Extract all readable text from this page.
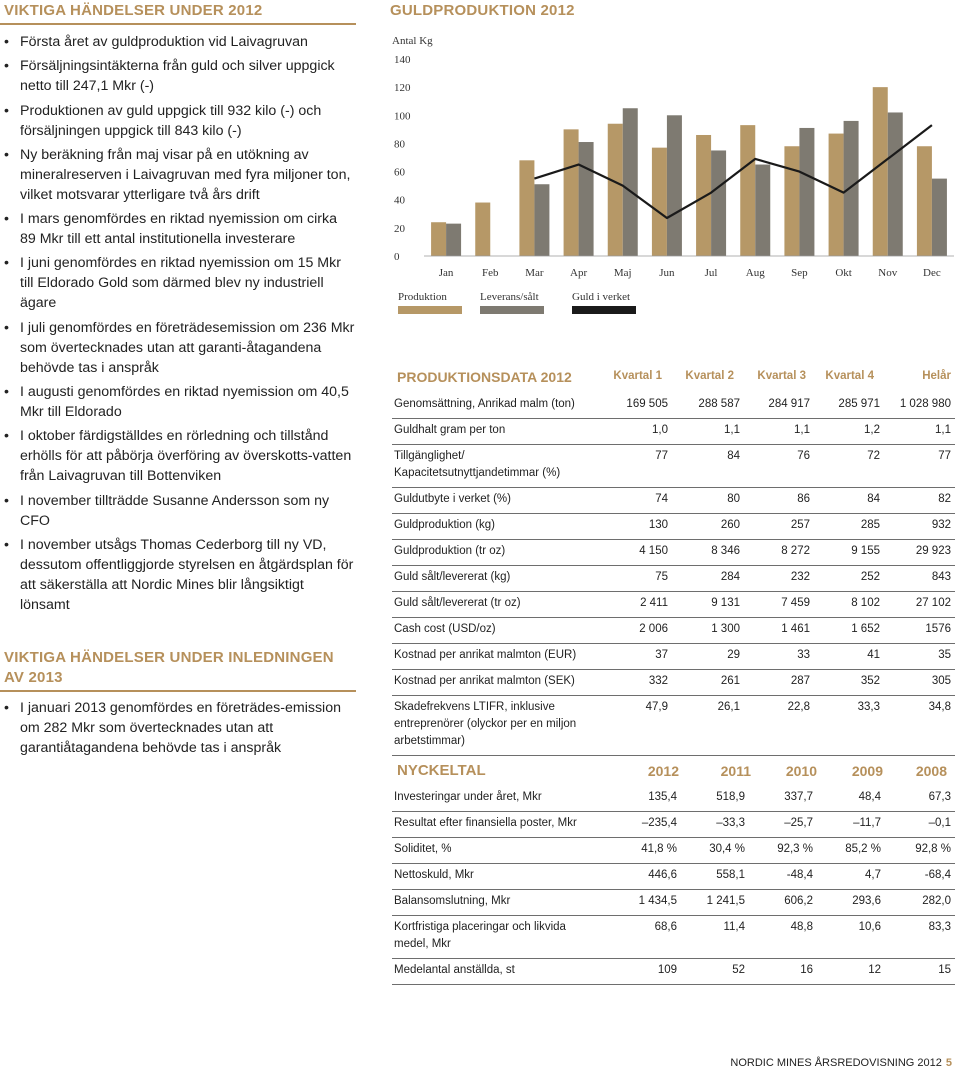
VIKTIGA HÄNDELSER UNDER 2012
• Första året av guldproduktion vid Laivagruvan
• Försäljningsintäkterna från guld och silver uppgick netto till 247,1 Mkr (-)
• Produktionen av guld uppgick till 932 kilo (-) och försäljningen uppgick till 843 kilo (-)
• Ny beräkning från maj visar på en utökning av mineralreserven i Laivagruvan med fyra miljoner ton, vilket motsvarar ytterligare två års drift
• I mars genomfördes en riktad nyemission om cirka 89 Mkr till ett antal institutionella investerare
• I juni genomfördes en riktad nyemission om 15 Mkr till Eldorado Gold som därmed blev ny industriell ägare
• I juli genomfördes en företrädesemission om 236 Mkr som övertecknades utan att garanti-åtagandena behövde tas i anspråk
• I augusti genomfördes en riktad nyemission om 40,5 Mkr till Eldorado
• I oktober färdigställdes en rörledning och tillstånd erhölls för att påbörja överföring av överskotts-vatten från Laivagruvan till Bottenviken
• I november tillträdde Susanne Andersson som ny CFO
• I november utsågs Thomas Cederborg till ny VD, dessutom offentliggjorde styrelsen en åtgärdsplan för att säkerställa att Nordic Mines blir långsiktigt lönsamt
VIKTIGA HÄNDELSER UNDER INLEDNINGEN AV 2013
• I januari 2013 genomfördes en företrädes-emission om 282 Mkr som övertecknades utan att garantiåtagandena behövde tas i anspråk
GULDPRODUKTION 2012
Antal Kg
0
20
40
60
80
100
120
140
Jan	Feb Mar Apr Maj	Jun	Jul	Aug Sep	Okt Nov Dec
Produktion	Leverans/sålt	Guld i verket
PRODUKTIONSDATA 2012	Kvartal 1	Kvartal 2	Kvartal 3	Kvartal 4	Helår
Genomsättning, Anrikad malm (ton)	169 505	288 587	284 917	285 971	1 028 980
Guldhalt gram per ton	1,0	1,1	1,1	1,2	1,1
Tillgänglighet/ Kapacitetsutnyttjandetimmar (%)	77	84	76	72	77
Guldutbyte i verket (%)	74	80	86	84	82
Guldproduktion (kg)	130	260	257	285	932
Guldproduktion (tr oz)	4 150	8 346	8 272	9 155	29 923
Guld sålt/levererat (kg)	75	284	232	252	843
Guld sålt/levererat (tr oz)	2 411	9 131	7 459	8 102	27 102
Cash cost (USD/oz)	2 006	1 300	1 461	1 652	1576
Kostnad per anrikat malmton (EUR)	37	29	33	41	35
Kostnad per anrikat malmton (SEK)	332	261	287	352	305
Skadefrekvens LTIFR, inklusive entreprenörer (olyckor per en miljon arbetstimmar)	47,9	26,1	22,8	33,3	34,8
NYCKELTAL	2012	2011	2010	2009	2008
Investeringar under året, Mkr	135,4	518,9	337,7	48,4	67,3
Resultat efter finansiella poster, Mkr	–235,4	–33,3	–25,7	–11,7	–0,1
Soliditet, %	41,8 %	30,4 %	92,3 %	85,2 %	92,8 %
Nettoskuld, Mkr	446,6	558,1	-48,4	4,7	-68,4
Balansomslutning, Mkr	1 434,5	1 241,5	606,2	293,6	282,0
Kortfristiga placeringar och likvida medel, Mkr	68,6	11,4	48,8	10,6	83,3
Medelantal anställda, st	109	52	16	12	15
NORDIC MINES ÅRSREDOVISNING 2012 5
